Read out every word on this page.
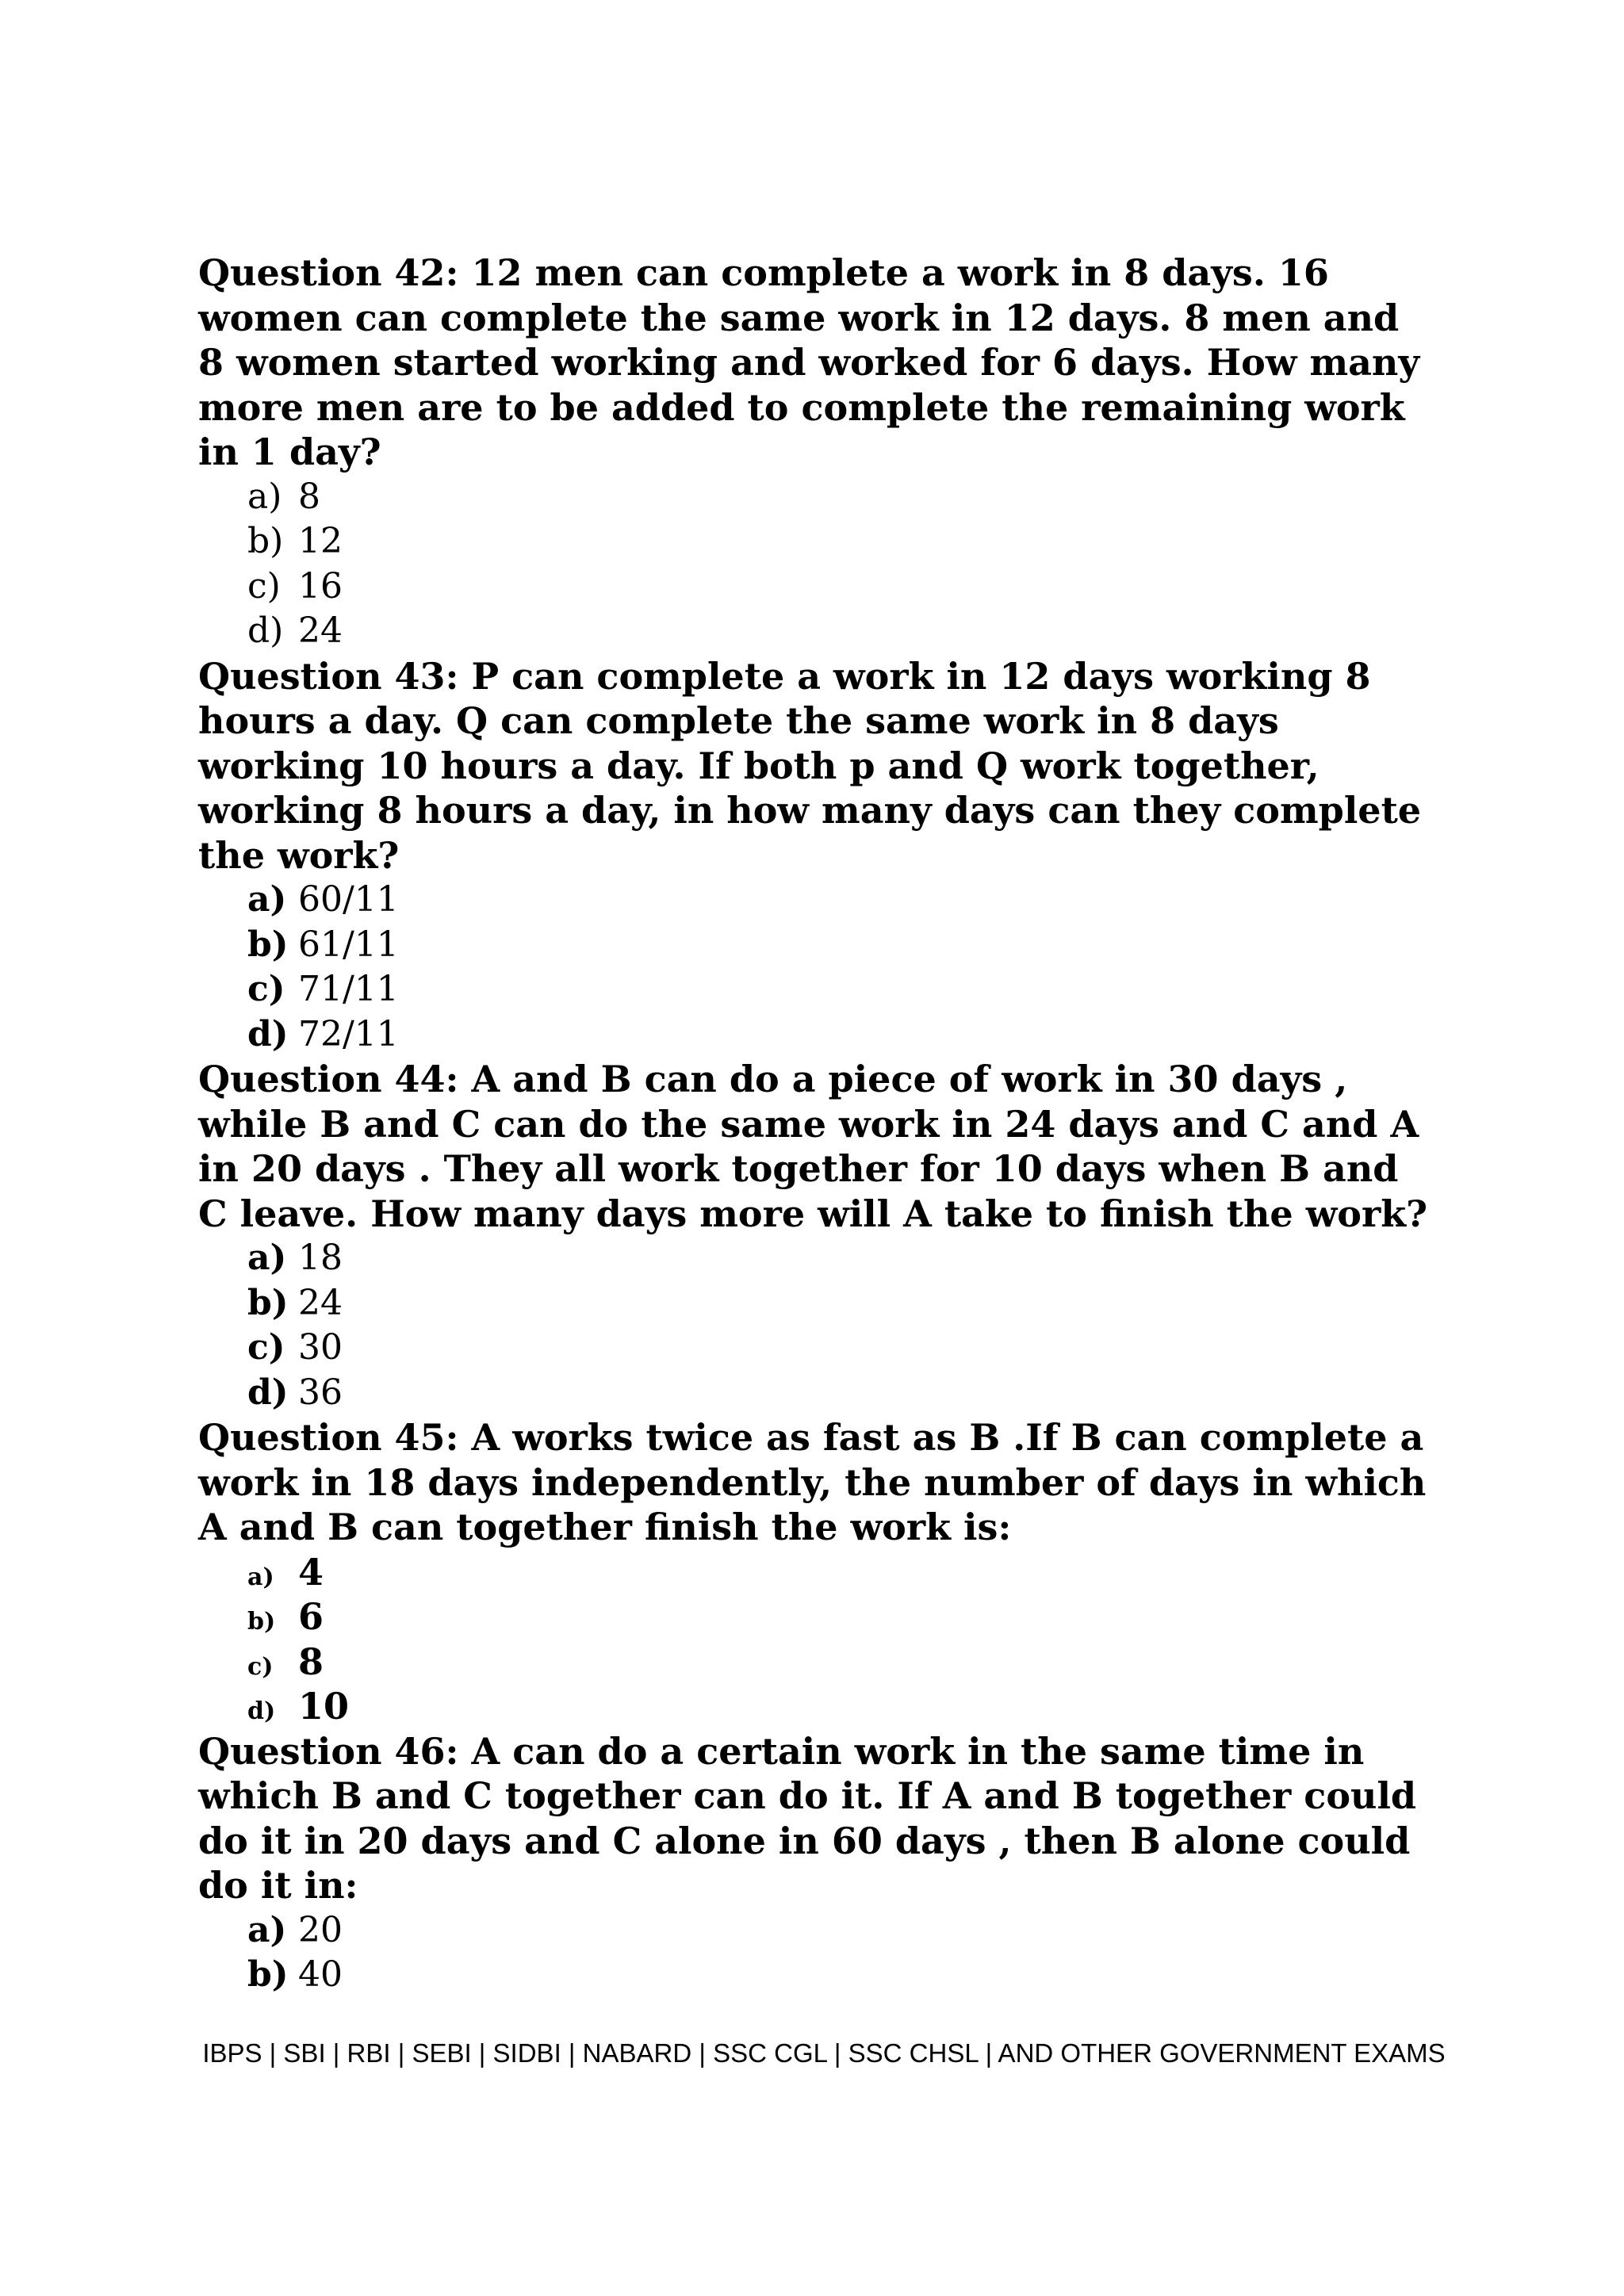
Question 42: 12 men can complete a work in 8 days. 16 women can complete the same work in 12 days. 8 men and 8 women started working and worked for 6 days. How many more men are to be added to complete the remaining work in 1 day?

a) 8
b) 12
c) 16
d) 24

Question 43: P can complete a work in 12 days working 8 hours a day. Q can complete the same work in 8 days working 10 hours a day. If both p and Q work together, working 8 hours a day, in how many days can they complete the work?

a) 60/11
b) 61/11
c) 71/11
d) 72/11

Question 44: A and B can do a piece of work in 30 days , while B and C can do the same work in 24 days and C and A in 20 days . They all work together for 10 days when B and C leave. How many days more will A take to finish the work?

a) 18
b) 24
c) 30
d) 36

Question 45: A works twice as fast as B .If B can complete a work in 18 days independently, the number of days in which A and B can together finish the work is:

a) 4
b) 6
c) 8
d) 10

Question 46: A can do a certain work in the same time in which B and C together can do it. If A and B together could do it in 20 days and C alone in 60 days , then B alone could do it in:

a) 20
b) 40
IBPS | SBI | RBI | SEBI | SIDBI | NABARD | SSC CGL | SSC CHSL | AND OTHER GOVERNMENT EXAMS
